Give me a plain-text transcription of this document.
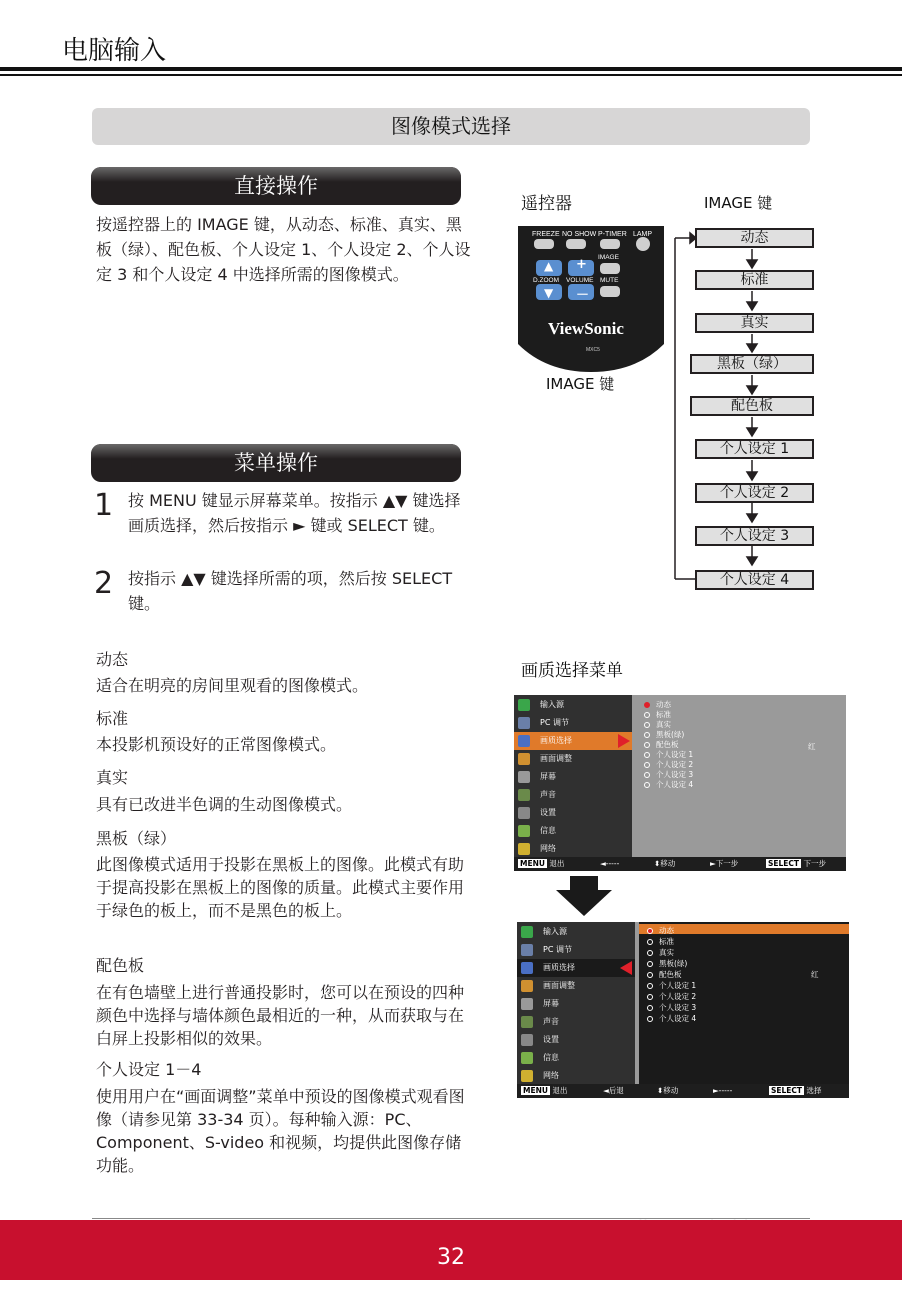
电脑输入
图像模式选择
直接操作
按遥控器上的 IMAGE 键，从动态、标准、真实、黑板（绿）、配色板、个人设定 1、个人设定 2、个人设定 3 和个人设定 4 中选择所需的图像模式。
菜单操作
1 按 MENU 键显示屏幕菜单。按指示 ▲▼ 键选择画质选择，然后按指示 ► 键或 SELECT 键。
2 按指示 ▲▼ 键选择所需的项，然后按 SELECT 键。
动态
适合在明亮的房间里观看的图像模式。
标准
本投影机预设好的正常图像模式。
真实
具有已改进半色调的生动图像模式。
黑板（绿）
此图像模式适用于投影在黑板上的图像。此模式有助于提高投影在黑板上的图像的质量。此模式主要作用于绿色的板上，而不是黑色的板上。
配色板
在有色墙壁上进行普通投影时，您可以在预设的四种颜色中选择与墙体颜色最相近的一种，从而获取与在白屏上投影相似的效果。
个人设定 1－4
使用用户在“画面调整”菜单中预设的图像模式观看图像（请参见第 33-34 页）。每种输入源：PC、Component、S-video 和视频，均提供此图像存储功能。
遥控器	IMAGE 键
IMAGE 键
FREEZE NO SHOW P-TIMER LAMP
IMAGE
▲ +
D.ZOOM VOLUME MUTE
▼ －
ViewSonic
MXC5
动态
标准
真实
黑板（绿）
配色板
个人设定 1
个人设定 2
个人设定 3
个人设定 4
画质选择菜单
输入源
PC 调节
画质选择
画面调整
屏幕
声音
设置
信息
网络
动态
标准
真实
黑板(绿)
配色板
个人设定 1
个人设定 2
个人设定 3
个人设定 4
红
MENU 退出	◄-----	⬍移动	►下一步	SELECT 下一步
输入源
PC 调节
画质选择
画面调整
屏幕
声音
设置
信息
网络
动态
标准
真实
黑板(绿)
配色板
个人设定 1
个人设定 2
个人设定 3
个人设定 4
红
MENU 退出	◄后退	⬍移动	►-----	SELECT 选择
32
